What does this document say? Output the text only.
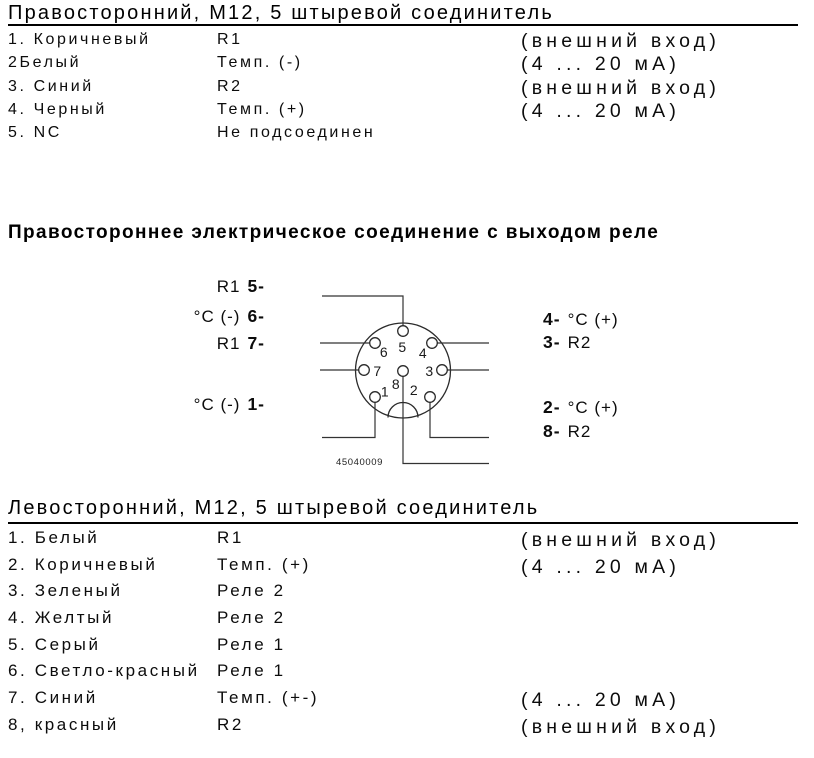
Правосторонний, M12, 5 штыревой соединитель
1. Коричневый	R1	(внешний вход)
2Белый	Темп. (-)	(4 ... 20 мА)
3. Синий	R2	(внешний вход)
4. Черный	Темп. (+)	(4 ... 20 мА)
5. NC	Не подсоединен
Правостороннее электрическое соединение с выходом реле
6 5 4
7	3
8
1 2
45040009
R1 5-
°C (-) 6-
R1 7-
°C (-) 1-
4- °C (+)
3- R2
2- °C (+)
8- R2
Левосторонний, M12, 5 штыревой соединитель
1. Белый	R1	(внешний вход)
2. Коричневый	Темп. (+)	(4 ... 20 мА)
3. Зеленый	Реле 2
4. Желтый	Реле 2
5. Серый	Реле 1
6. Светло-красный Реле 1
7. Синий	Темп. (+-)	(4 ... 20 мА)
8, красный	R2	(внешний вход)
